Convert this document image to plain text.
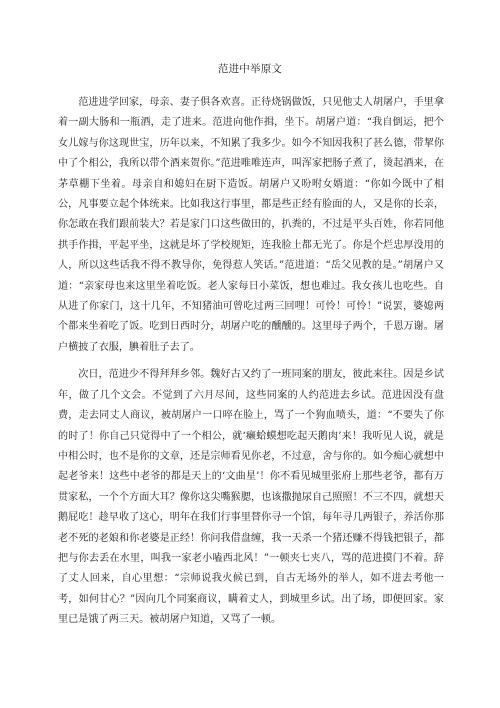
范进中举原文

范进进学回家，母亲、妻子俱各欢喜。正待烧锅做饭，只见他丈人胡屠户，手里拿着一副大肠和一瓶酒，走了进来。范进向他作揖，坐下。胡屠户道：“我自倒运，把个女儿嫁与你这现世宝，历年以来，不知累了我多少。如今不知因我积了甚么德，带挈你中了个相公，我所以带个酒来贺你。”范进唯唯连声，叫浑家把肠子煮了，烫起酒来，在茅草棚下坐着。母亲自和媳妇在厨下造饭。胡屠户又吩咐女婿道：“你如今既中了相公，凡事要立起个体统来。比如我这行事里，都是些正经有脸面的人，又是你的长亲，你怎敢在我们跟前装大？若是家门口这些做田的，扒粪的，不过是平头百姓，你若同他拱手作揖，平起平坐，这就是坏了学校规矩，连我脸上都无光了。你是个烂忠厚没用的人，所以这些话我不得不教导你，免得惹人笑话。”范进道：“岳父见教的是。”胡屠户又道：“亲家母也来这里坐着吃饭。老人家每日小菜饭，想也难过。我女孩儿也吃些。自从进了你家门，这十几年，不知猪油可曾吃过两三回哩！可怜！可怜！”说罢，婆媳两个都来坐着吃了饭。吃到日西时分，胡屠户吃的醺醺的。这里母子两个，千恩万谢。屠户横披了衣服，腆着肚子去了。

次日，范进少不得拜拜乡邻。魏好古又约了一班同案的朋友，彼此来往。因是乡试年，做了几个文会。不觉到了六月尽间，这些同案的人约范进去乡试。范进因没有盘费，走去同丈人商议，被胡屠户一口啐在脸上，骂了一个狗血喷头，道：“不要失了你的时了！你自己只觉得中了一个相公，就‘癞蛤蟆想吃起天鹅肉’来！我听见人说，就是中相公时，也不是你的文章，还是宗师看见你老，不过意，舍与你的。如今痴心就想中起老爷来！这些中老爷的都是天上的‘文曲星’！你不看见城里张府上那些老爷，都有万贯家私，一个个方面大耳？像你这尖嘴猴腮，也该撒抛尿自己照照！不三不四，就想天鹅屁吃！趁早收了这心，明年在我们行事里替你寻一个馆，每年寻几两银子，养活你那老不死的老娘和你老婆是正经！你问我借盘缠，我一天杀一个猪还赚不得钱把银子，都把与你去丢在水里，叫我一家老小嗑西北风！”一顿夹七夹八，骂的范进摸门不着。辞了丈人回来，自心里想：“宗师说我火候已到，自古无场外的举人，如不进去考他一考，如何甘心？”因向几个同案商议，瞒着丈人，到城里乡试。出了场，即便回家。家里已是饿了两三天。被胡屠户知道，又骂了一顿。
